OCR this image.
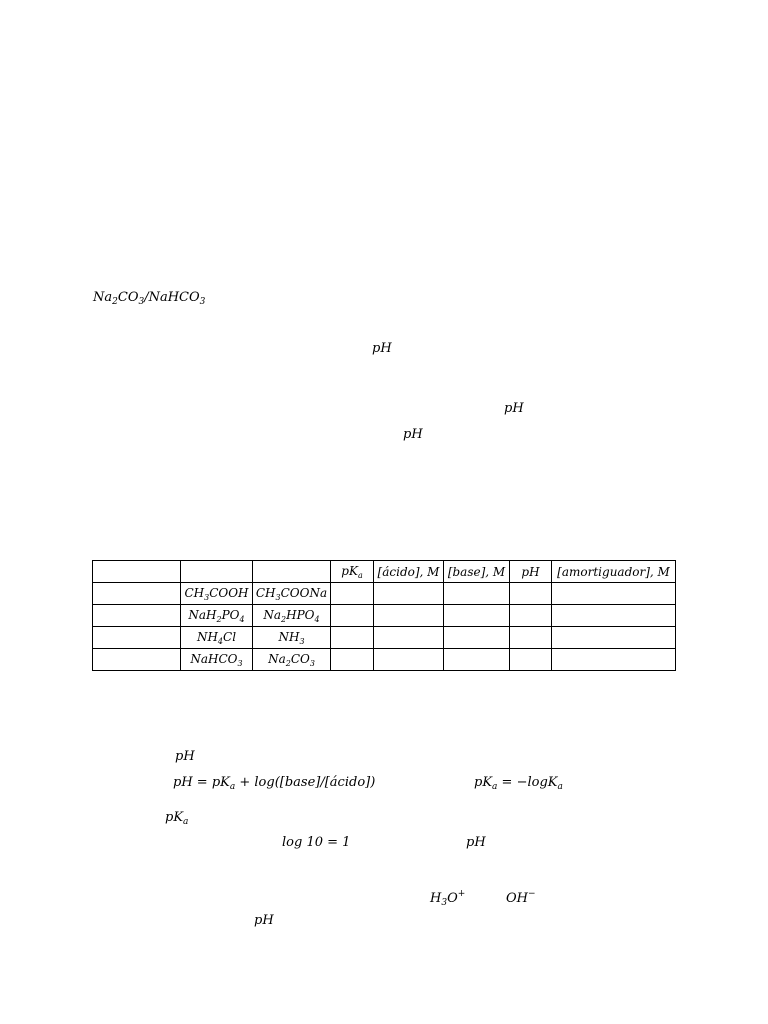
$Na_2CO_3/NaHCO_3$
pH
pH
pH
			$pK_a$	[ácido], M	[base], M	pH	[amortiguador], M
	$CH_3COOH$	$CH_3COONa$					
	$NaH_2PO_4$	$Na_2HPO_4$					
	$NH_4Cl$	$NH_3$					
	NaHCO$_3$	$Na_2CO_3$					
pH
pH = $pK_a$ + log([base]/[ácido])	$pK_a = -\log K_a$
$pK_a$
log 10 = 1	pH
$H_3O^+$	OH−
pH
